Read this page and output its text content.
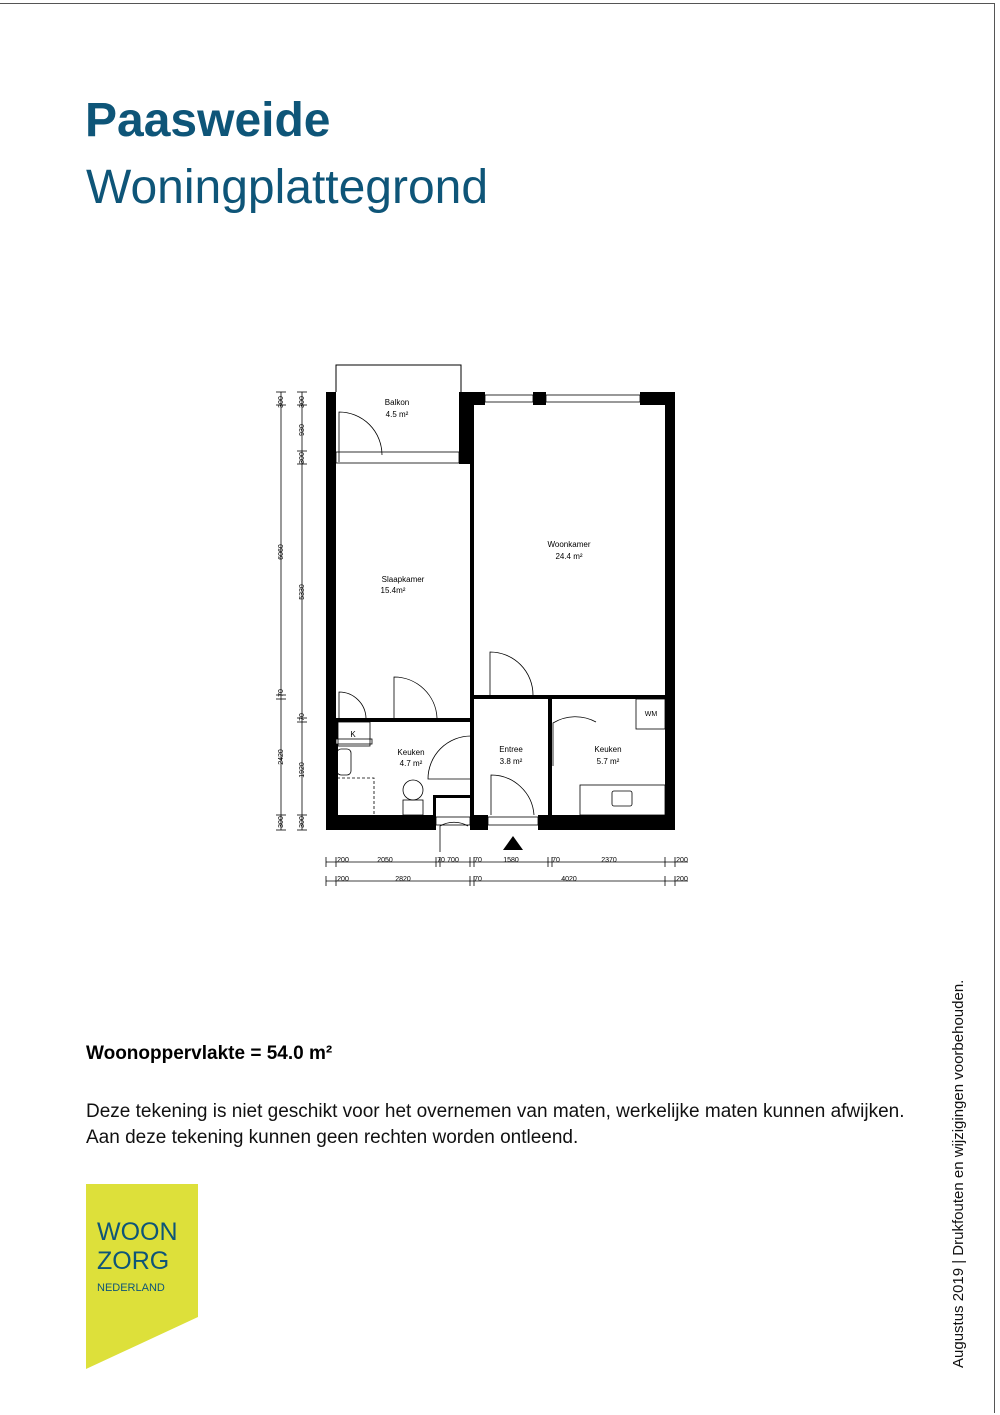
Paasweide
Woningplattegrond
Balkon
4.5 m²
Slaapkamer
15.4m²
Woonkamer
24.4 m²
Keuken
4.7 m²
Entree
3.8 m²
Keuken
5.7 m²
K
WM
300
6060
70
2420
300
300
930
300
5330
70
1920
300
200	2050	70 700 70	1580	70	2370	200
200	2820	70	4020	200
Woonoppervlakte = 54.0 m²
Deze tekening is niet geschikt voor het overnemen van maten, werkelijke maten kunnen afwijken. Aan deze tekening kunnen geen rechten worden ontleend.	Augustus 2019 | Drukfouten en wijzigingen voorbehouden.
WOON
ZORG
NEDERLAND
